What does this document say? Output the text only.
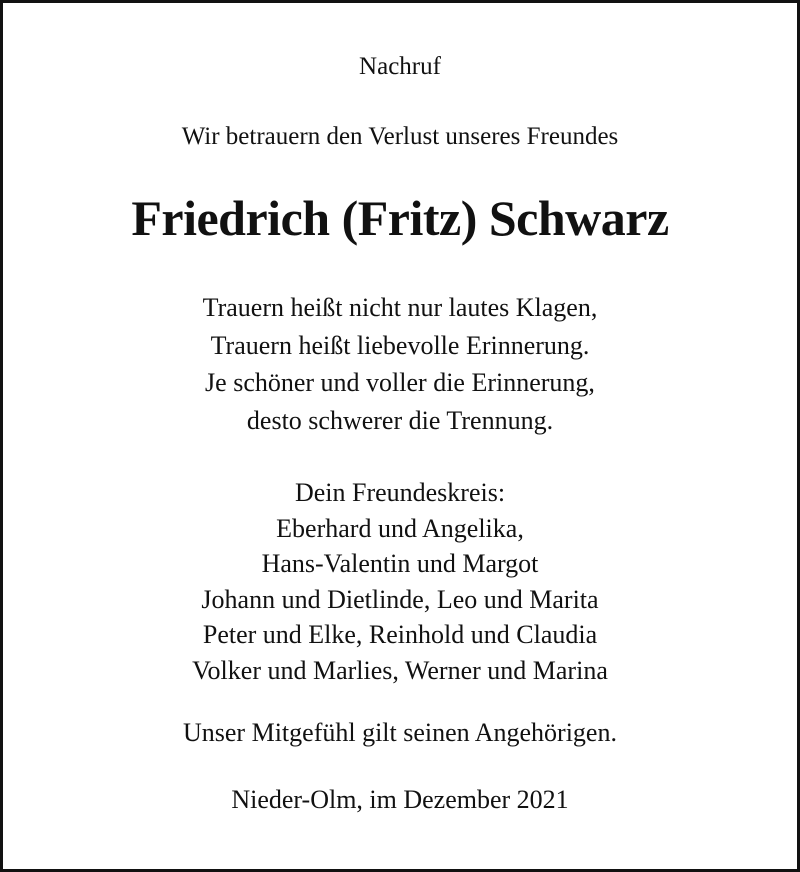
Nachruf
Wir betrauern den Verlust unseres Freundes
Friedrich (Fritz) Schwarz
Trauern heißt nicht nur lautes Klagen,
Trauern heißt liebevolle Erinnerung.
Je schöner und voller die Erinnerung,
desto schwerer die Trennung.
Dein Freundeskreis:
Eberhard und Angelika,
Hans-Valentin und Margot
Johann und Dietlinde, Leo und Marita
Peter und Elke, Reinhold und Claudia
Volker und Marlies, Werner und Marina
Unser Mitgefühl gilt seinen Angehörigen.
Nieder-Olm, im Dezember 2021
